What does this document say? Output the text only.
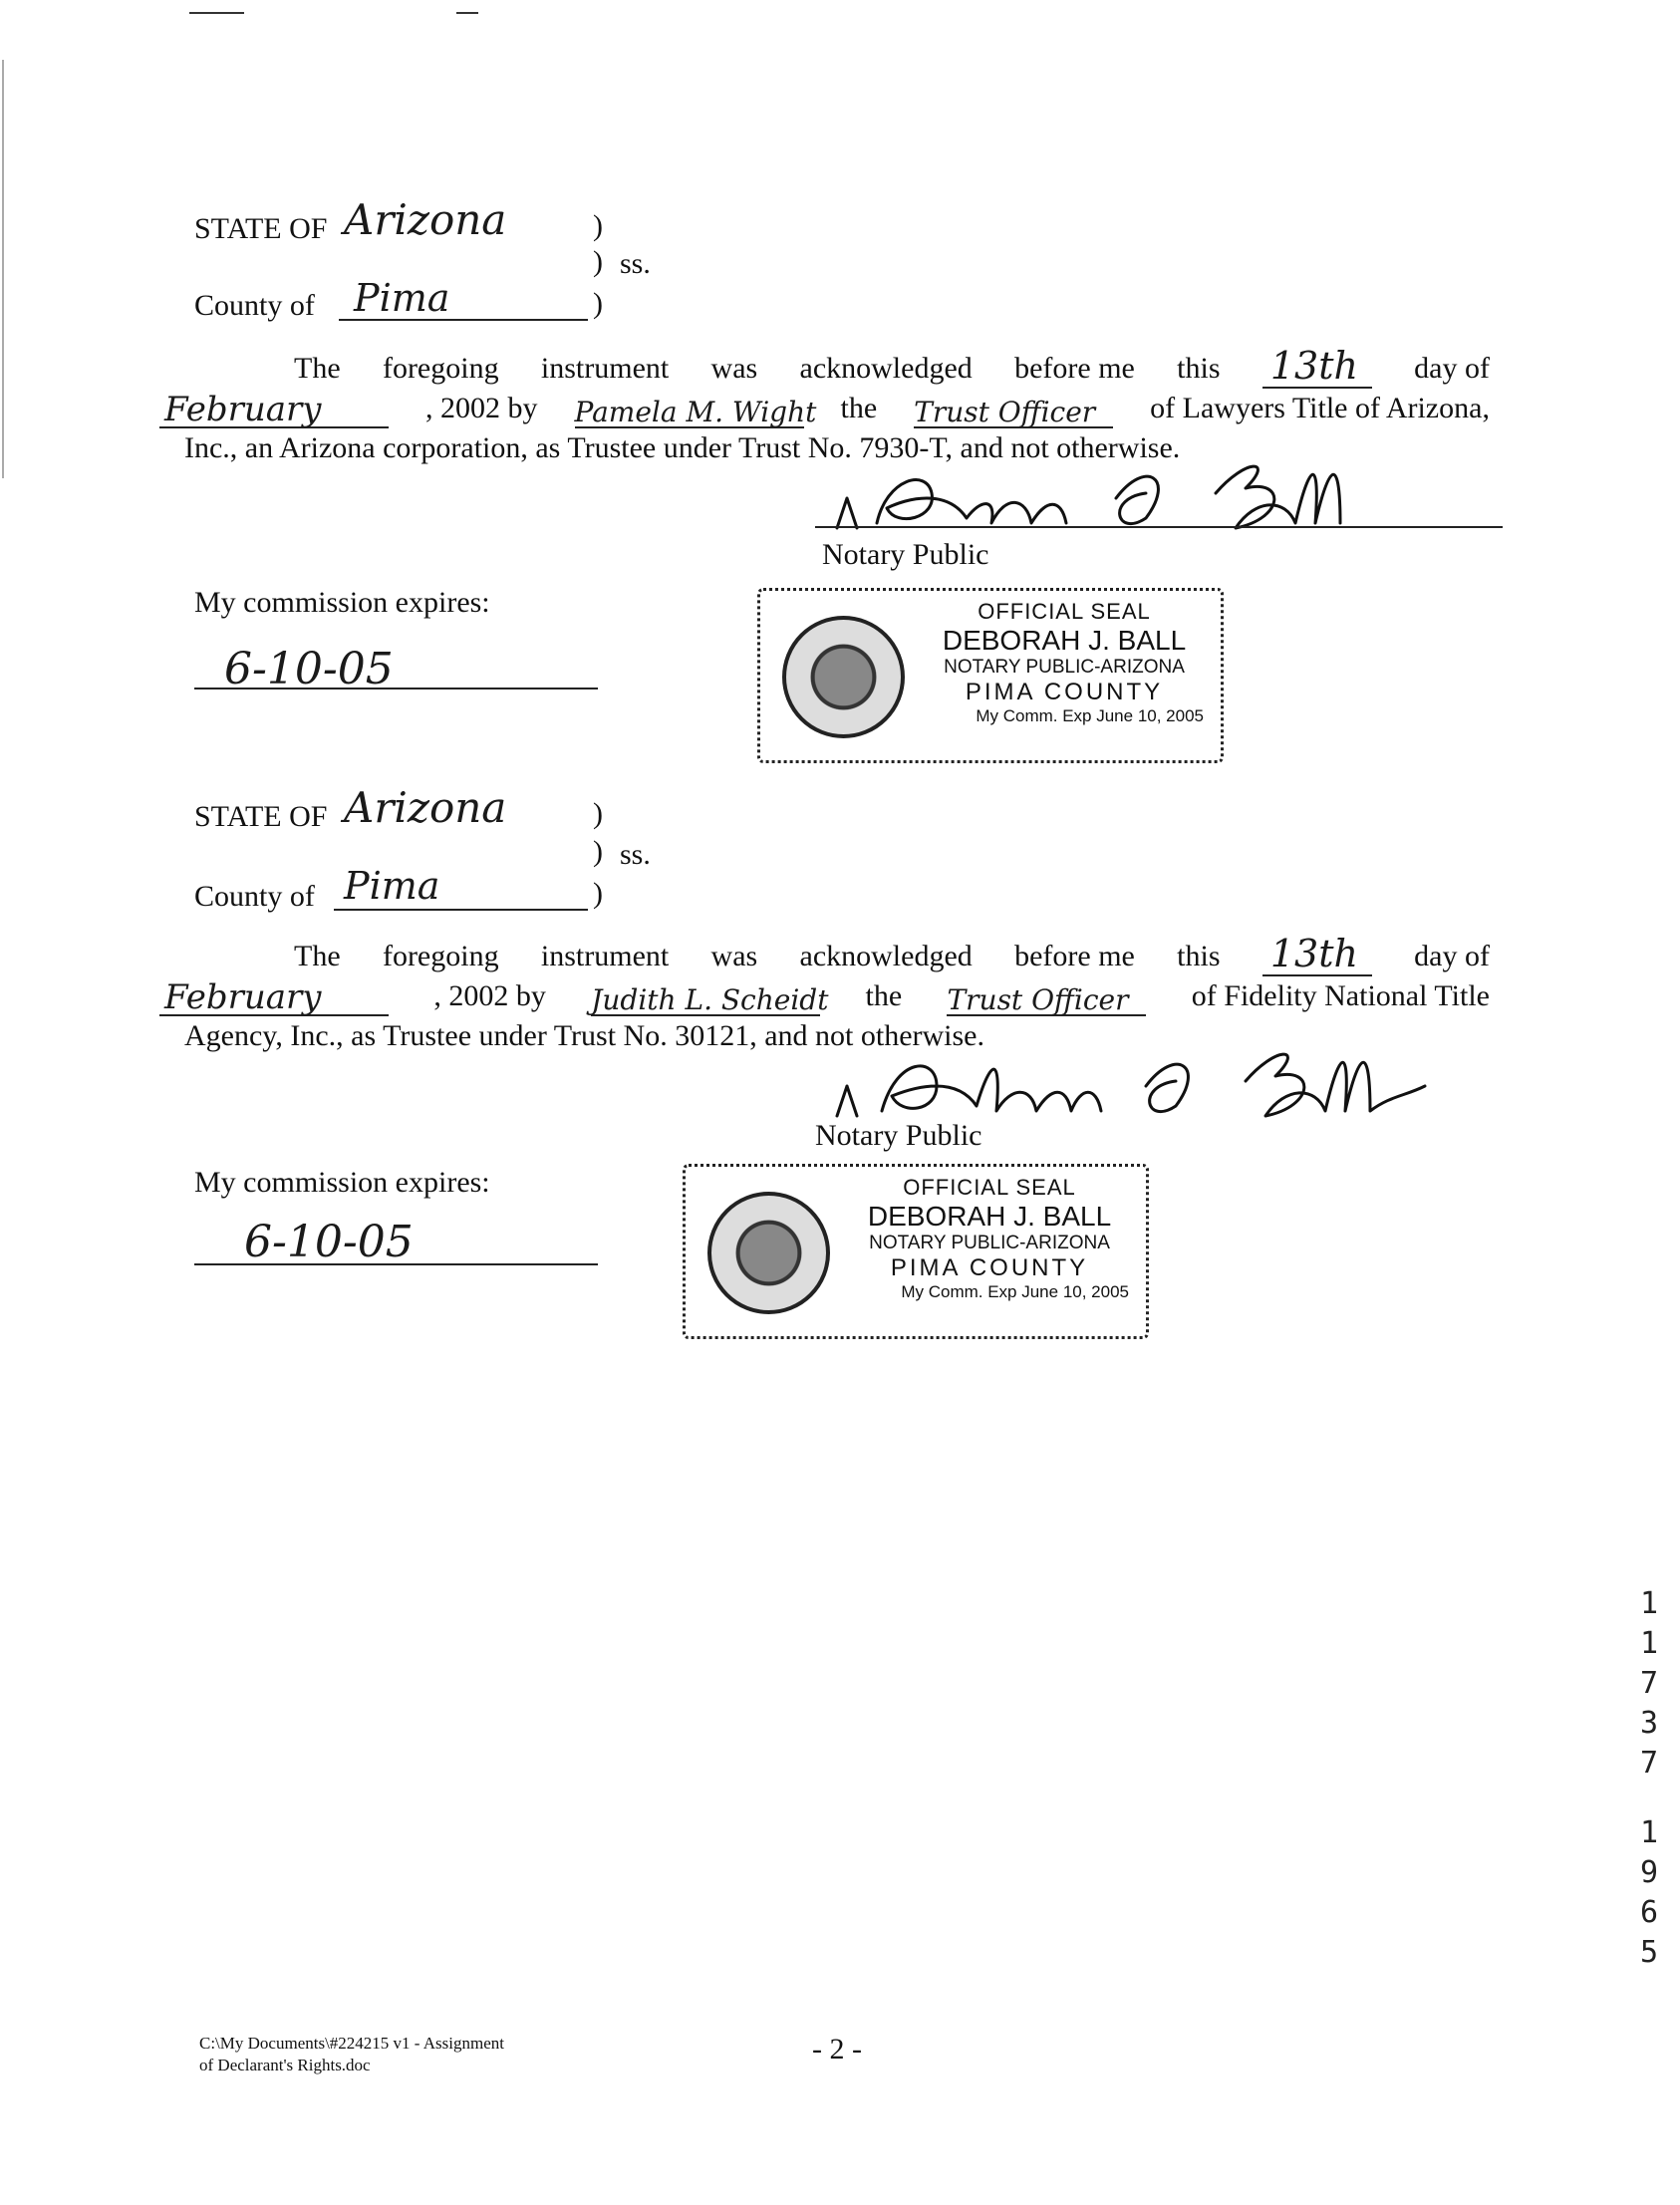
STATE OF Arizona	)
) ss.
County of Pima	)
The foregoing instrument was acknowledged before me this 13th day of
February	, 2002 by Pamela M. Wight the Trust Officer of Lawyers Title of Arizona,
Inc., an Arizona corporation, as Trustee under Trust No. 7930-T, and not otherwise.
Notary Public
My commission expires:
6-10-05
OFFICIAL SEAL
DEBORAH J. BALL
NOTARY PUBLIC-ARIZONA
PIMA COUNTY
My Comm. Exp June 10, 2005
STATE OF Arizona	)
) ss.
County of Pima	)
The foregoing instrument was acknowledged before me this 13th day of
February	, 2002 by Judith L. Scheidt the Trust Officer of Fidelity National Title
Agency, Inc., as Trustee under Trust No. 30121, and not otherwise.
Notary Public
My commission expires:
6-10-05
OFFICIAL SEAL
DEBORAH J. BALL
NOTARY PUBLIC-ARIZONA
PIMA COUNTY
My Comm. Exp June 10, 2005
1
1
7
3
7
1
9
6
5
C:\My Documents\#224215 v1 - Assignment
of Declarant's Rights.doc	- 2 -
